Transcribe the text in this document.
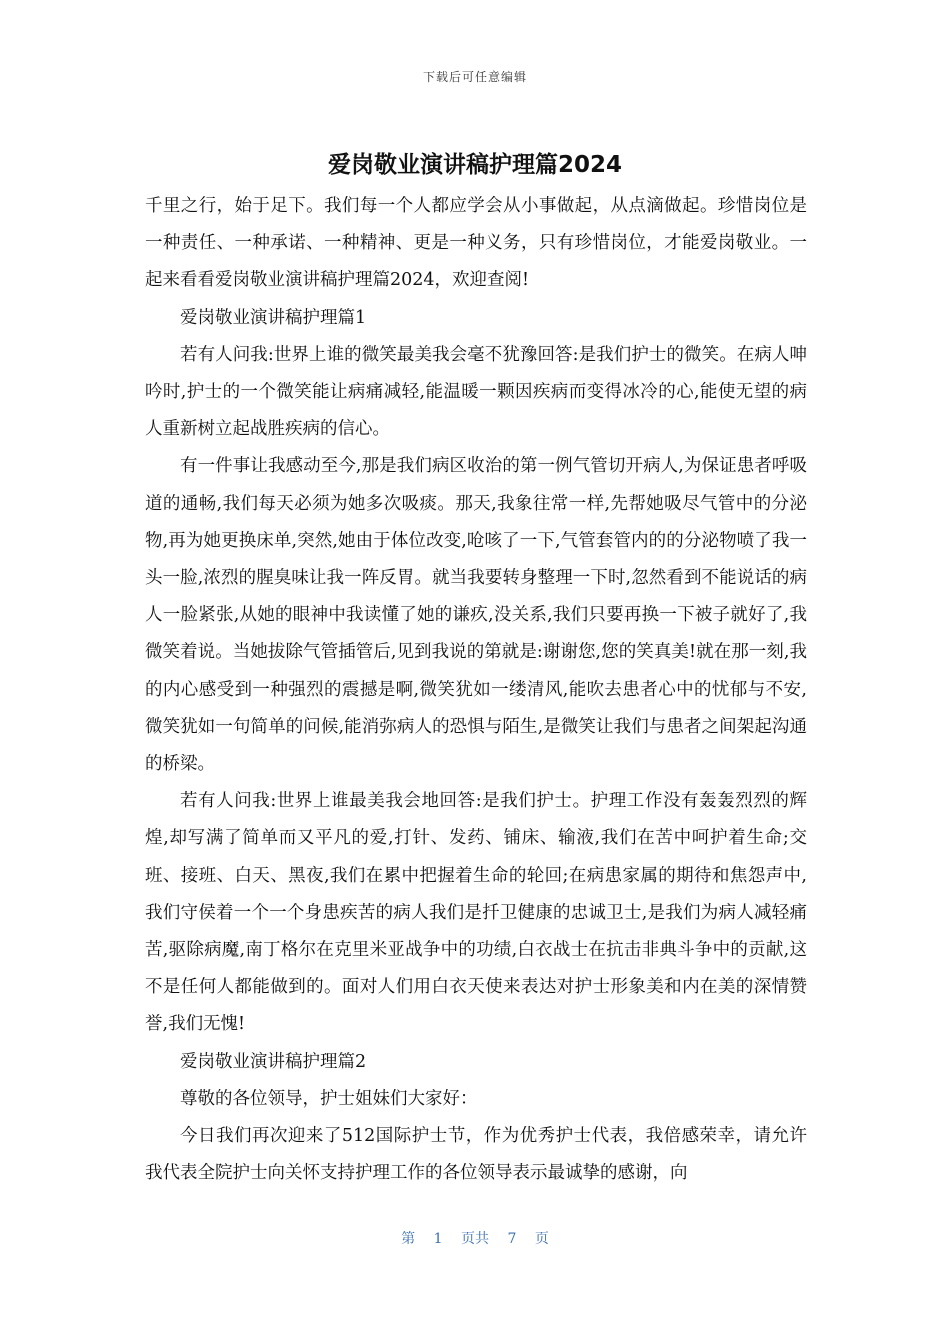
下载后可任意编辑
爱岗敬业演讲稿护理篇2024

千里之行，始于足下。我们每一个人都应学会从小事做起，从点滴做起。珍惜岗位是一种责任、一种承诺、一种精神、更是一种义务，只有珍惜岗位，才能爱岗敬业。一起来看看爱岗敬业演讲稿护理篇2024，欢迎查阅!

爱岗敬业演讲稿护理篇1

若有人问我:世界上谁的微笑最美我会毫不犹豫回答:是我们护士的微笑。在病人呻吟时,护士的一个微笑能让病痛减轻,能温暖一颗因疾病而变得冰冷的心,能使无望的病人重新树立起战胜疾病的信心。

有一件事让我感动至今,那是我们病区收治的第一例气管切开病人,为保证患者呼吸道的通畅,我们每天必须为她多次吸痰。那天,我象往常一样,先帮她吸尽气管中的分泌物,再为她更换床单,突然,她由于体位改变,呛咳了一下,气管套管内的的分泌物喷了我一头一脸,浓烈的腥臭味让我一阵反胃。就当我要转身整理一下时,忽然看到不能说话的病人一脸紧张,从她的眼神中我读懂了她的谦疚,没关系,我们只要再换一下被子就好了,我微笑着说。当她拔除气管插管后,见到我说的第就是:谢谢您,您的笑真美!就在那一刻,我的内心感受到一种强烈的震撼是啊,微笑犹如一缕清风,能吹去患者心中的忧郁与不安,微笑犹如一句简单的问候,能消弥病人的恐惧与陌生,是微笑让我们与患者之间架起沟通的桥梁。

若有人问我:世界上谁最美我会地回答:是我们护士。护理工作没有轰轰烈烈的辉煌,却写满了简单而又平凡的爱,打针、发药、铺床、输液,我们在苦中呵护着生命;交班、接班、白天、黑夜,我们在累中把握着生命的轮回;在病患家属的期待和焦怨声中,我们守侯着一个一个身患疾苦的病人我们是扦卫健康的忠诚卫士,是我们为病人减轻痛苦,驱除病魔,南丁格尔在克里米亚战争中的功绩,白衣战士在抗击非典斗争中的贡献,这不是任何人都能做到的。面对人们用白衣天使来表达对护士形象美和内在美的深情赞誉,我们无愧!

爱岗敬业演讲稿护理篇2

尊敬的各位领导，护士姐妹们大家好：

今日我们再次迎来了512国际护士节，作为优秀护士代表，我倍感荣幸，请允许我代表全院护士向关怀支持护理工作的各位领导表示最诚挚的感谢，向

第 1 页共 7 页
